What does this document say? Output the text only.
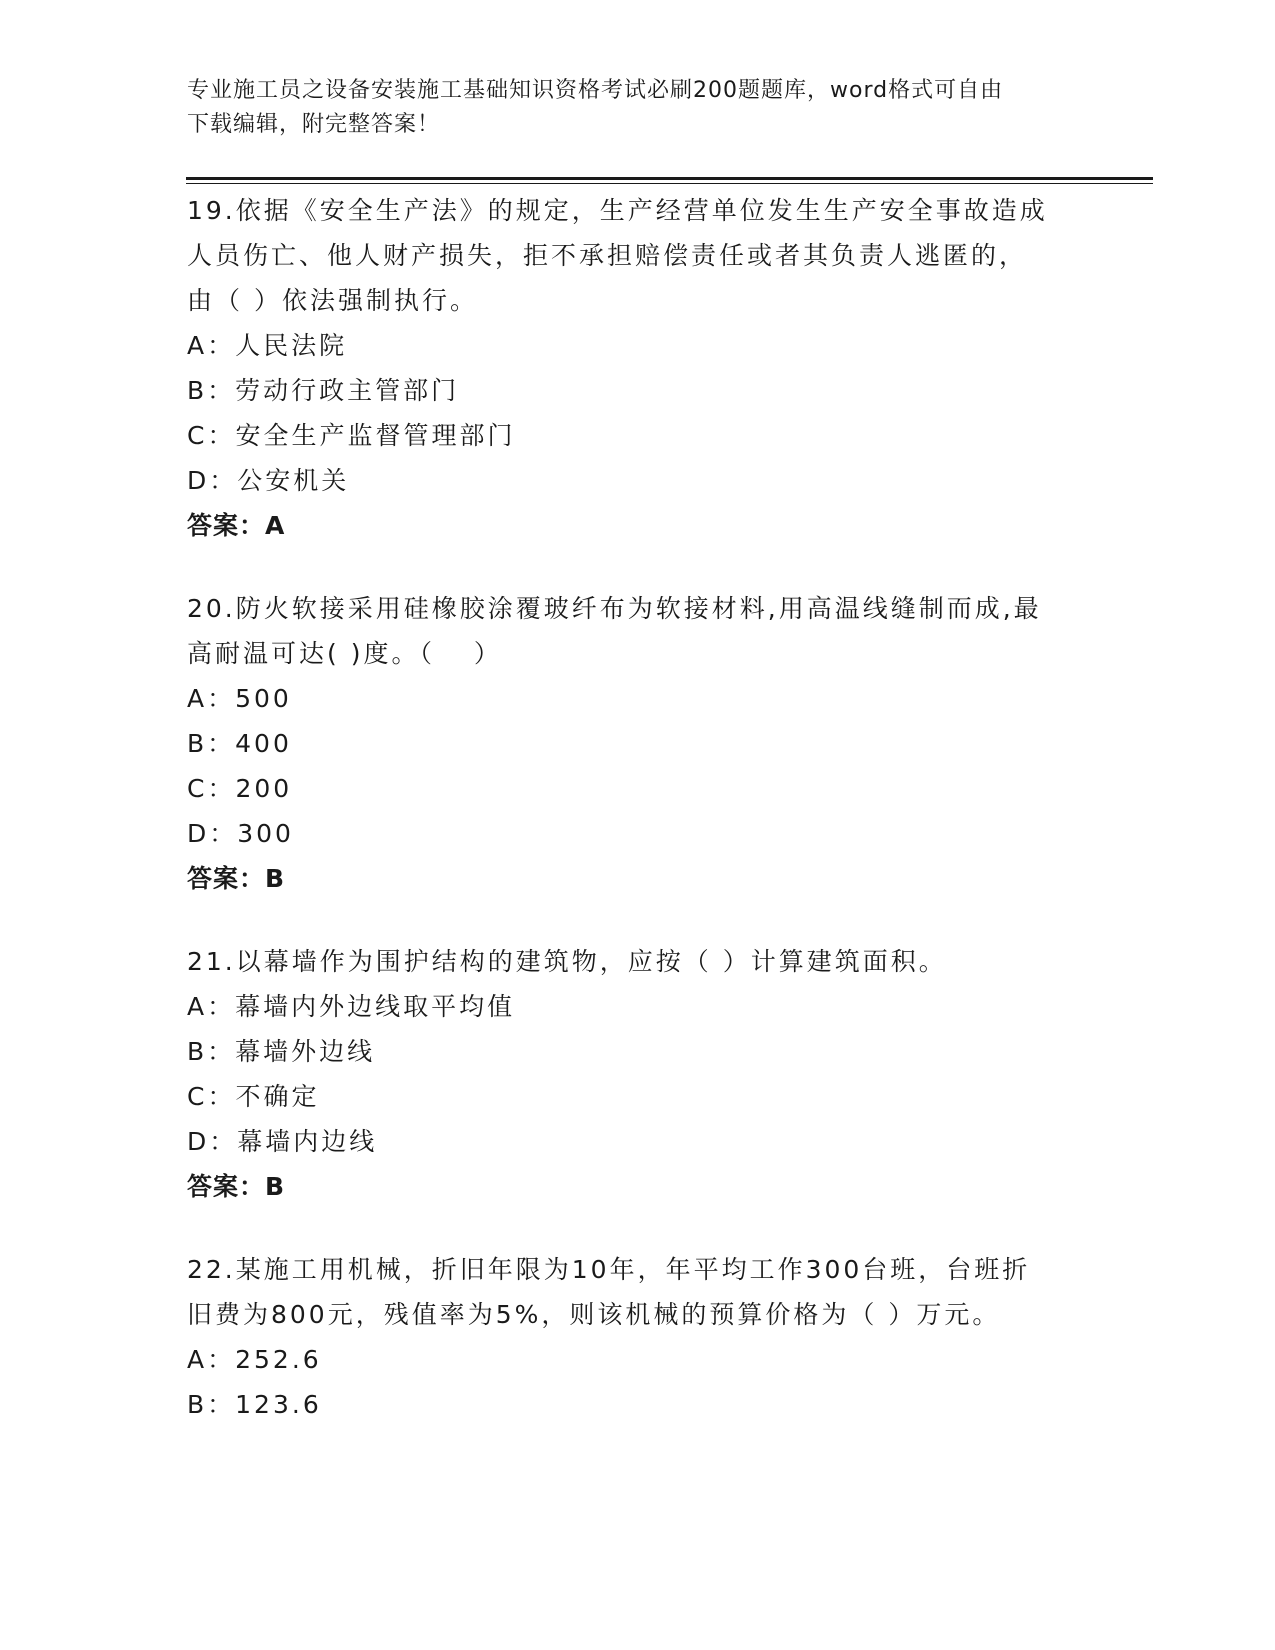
专业施工员之设备安装施工基础知识资格考试必刷200题题库，word格式可自由
下载编辑，附完整答案！
19.依据《安全生产法》的规定，生产经营单位发生生产安全事故造成
人员伤亡、他人财产损失，拒不承担赔偿责任或者其负责人逃匿的，
由（ ）依法强制执行。
A：人民法院
B：劳动行政主管部门
C：安全生产监督管理部门
D：公安机关
答案：A
20.防火软接采用硅橡胶涂覆玻纤布为软接材料,用高温线缝制而成,最
高耐温可达( )度。（　 ）
A：500
B：400
C：200
D：300
答案：B
21.以幕墙作为围护结构的建筑物，应按（ ）计算建筑面积。
A：幕墙内外边线取平均值
B：幕墙外边线
C：不确定
D：幕墙内边线
答案：B
22.某施工用机械，折旧年限为10年，年平均工作300台班，台班折
旧费为800元，残值率为5%，则该机械的预算价格为（ ）万元。
A：252.6
B：123.6
